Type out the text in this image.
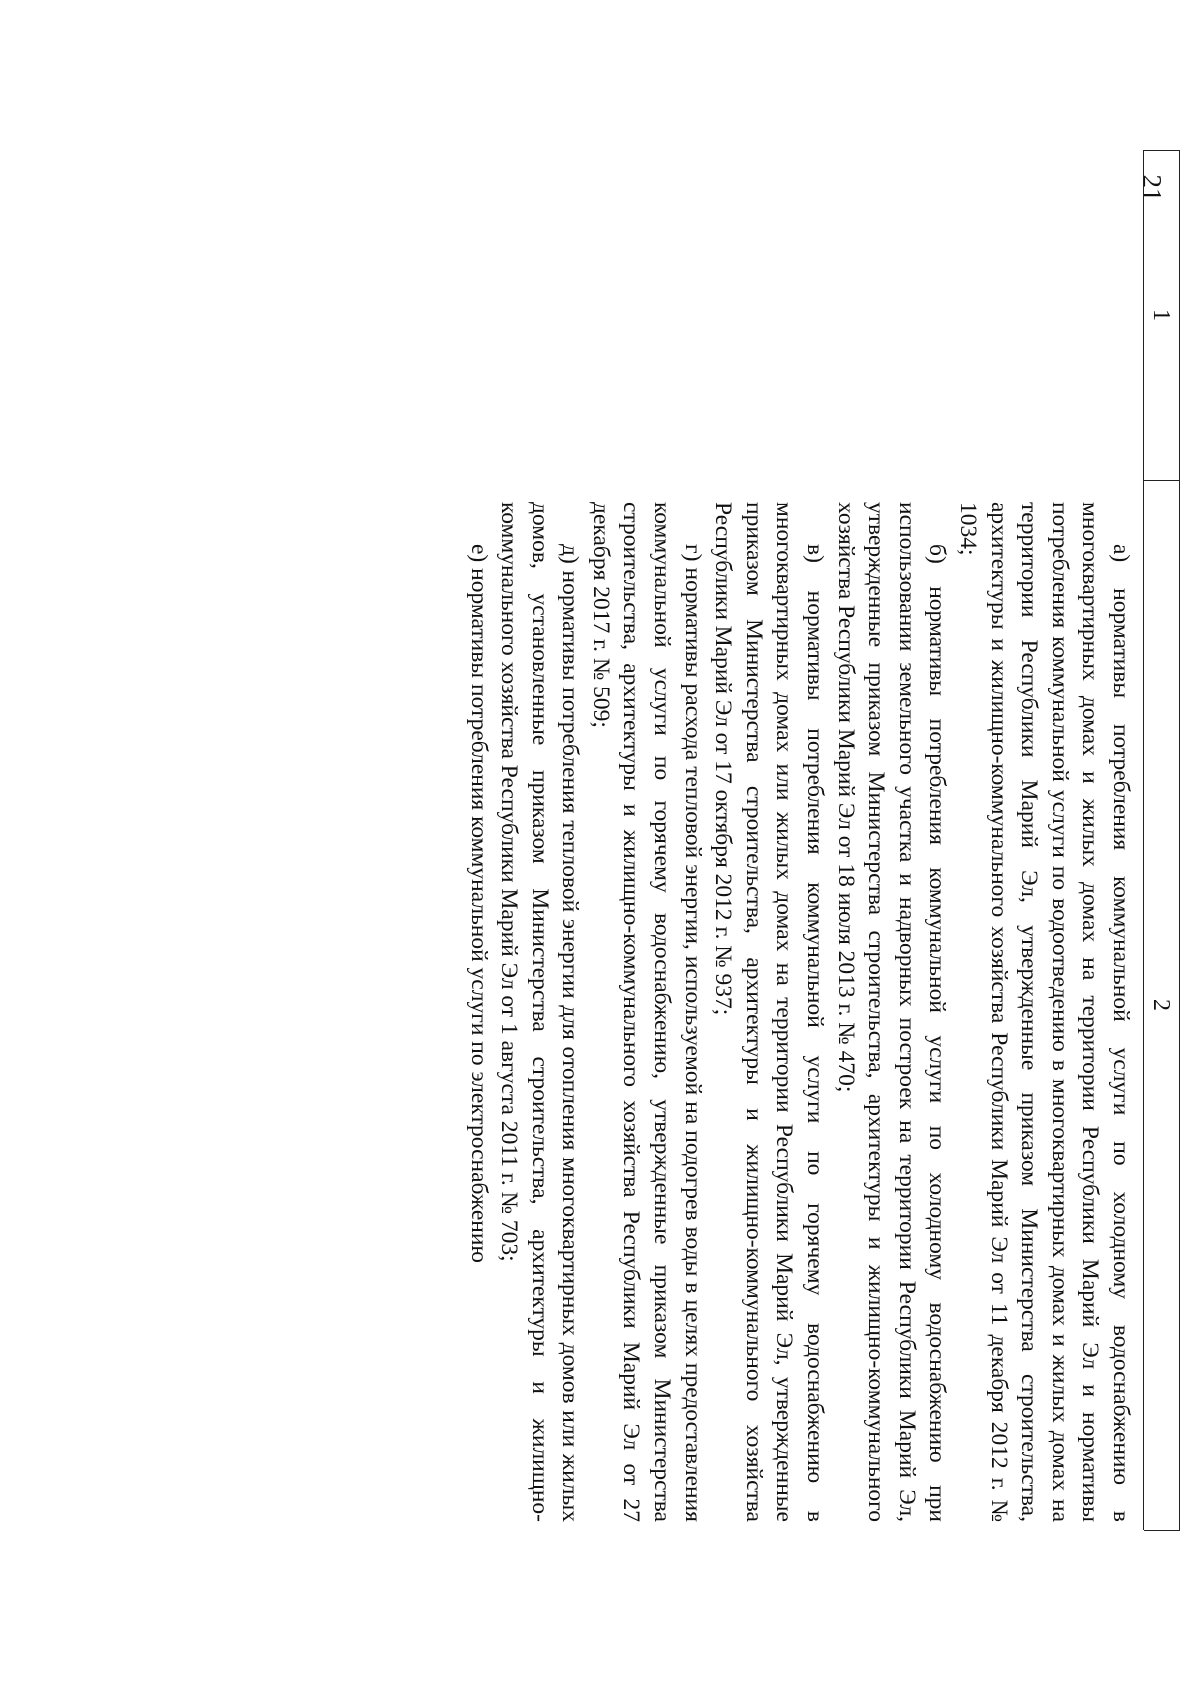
21
1
2

а) нормативы потребления коммунальной услуги по холодному водоснабжению в многоквартирных домах и жилых домах на территории Республики Марий Эл и нормативы потребления коммунальной услуги по водоотведению в многоквартирных домах и жилых домах на территории Республики Марий Эл, утвержденные приказом Министерства строительства, архитектуры и жилищно-коммунального хозяйства Республики Марий Эл от 11 декабря 2012 г. № 1034;

б) нормативы потребления коммунальной услуги по холодному водоснабжению при использовании земельного участка и надворных построек на территории Республики Марий Эл, утвержденные приказом Министерства строительства, архитектуры и жилищно-коммунального хозяйства Республики Марий Эл от 18 июля 2013 г. № 470;

в) нормативы потребления коммунальной услуги по горячему водоснабжению в многоквартирных домах или жилых домах на территории Республики Марий Эл, утвержденные приказом Министерства строительства, архитектуры и жилищно-коммунального хозяйства Республики Марий Эл от 17 октября 2012 г. № 937;

г) нормативы расхода тепловой энергии, используемой на подогрев воды в целях предоставления коммунальной услуги по горячему водоснабжению, утвержденные приказом Министерства строительства, архитектуры и жилищно-коммунального хозяйства Республики Марий Эл от 27 декабря 2017 г. № 509;

д) нормативы потребления тепловой энергии для отопления многоквартирных домов или жилых домов, установленные приказом Министерства строительства, архитектуры и жилищно-коммунального хозяйства Республики Марий Эл от 1 августа 2011 г. № 703;

е) нормативы потребления коммунальной услуги по электроснабжению
